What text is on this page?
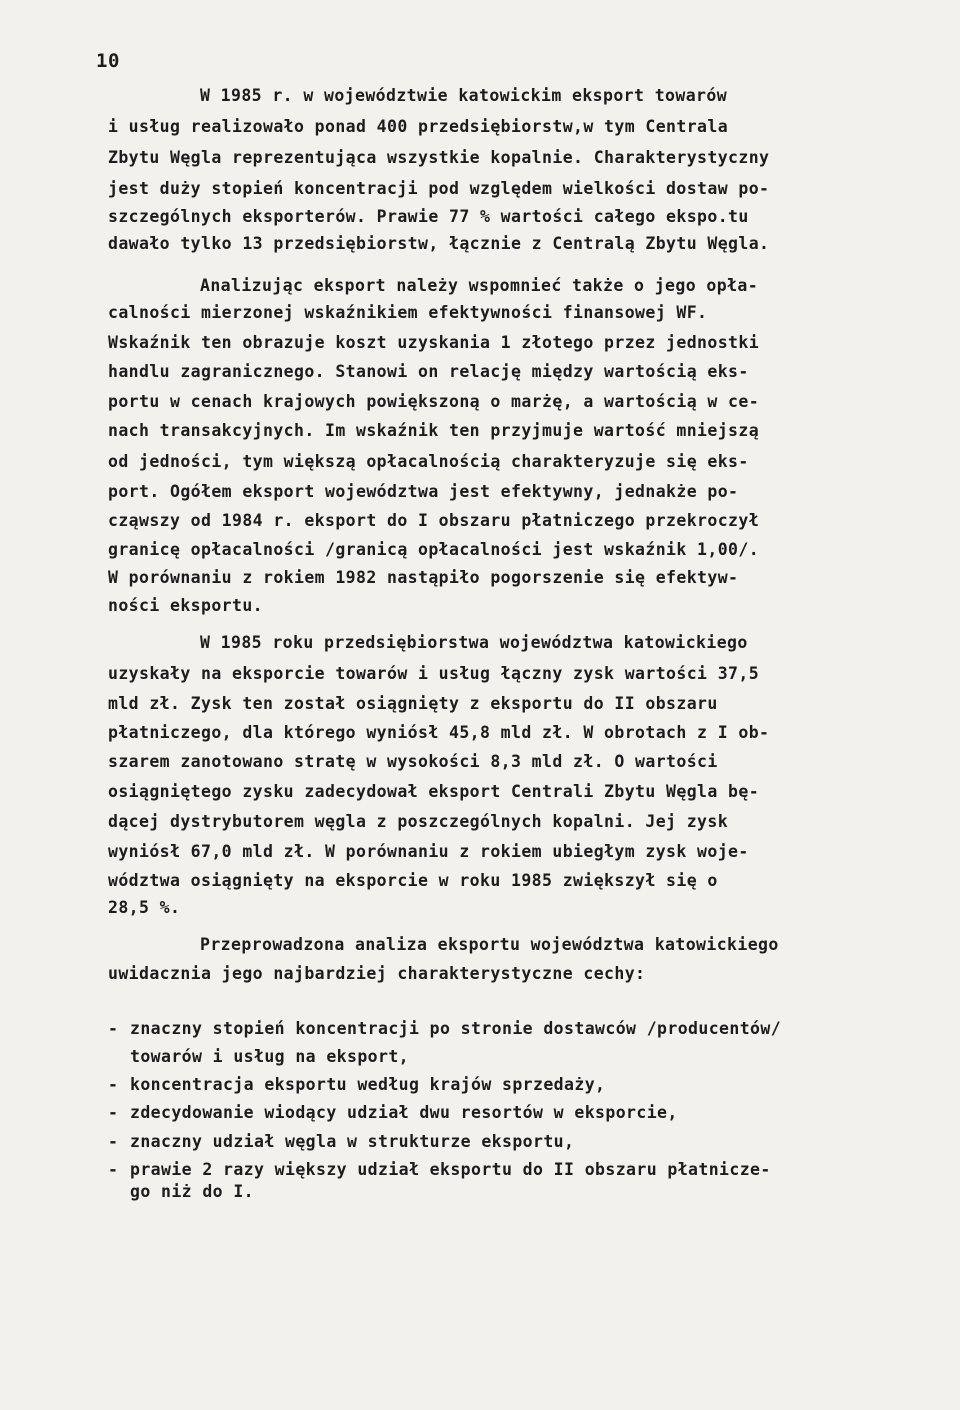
10
W 1985 r. w województwie katowickim eksport towarów
i usług realizowało ponad 400 przedsiębiorstw,w tym Centrala
Zbytu Węgla reprezentująca wszystkie kopalnie. Charakterystyczny
jest duży stopień koncentracji pod względem wielkości dostaw po-
szczególnych eksporterów. Prawie 77 % wartości całego ekspo.tu
dawało tylko 13 przedsiębiorstw, łącznie z Centralą Zbytu Węgla.
Analizując eksport należy wspomnieć także o jego opła-
calności mierzonej wskaźnikiem efektywności finansowej WF.
Wskaźnik ten obrazuje koszt uzyskania 1 złotego przez jednostki
handlu zagranicznego. Stanowi on relację między wartością eks-
portu w cenach krajowych powiększoną o marżę, a wartością w ce-
nach transakcyjnych. Im wskaźnik ten przyjmuje wartość mniejszą
od jedności, tym większą opłacalnością charakteryzuje się eks-
port. Ogółem eksport województwa jest efektywny, jednakże po-
cząwszy od 1984 r. eksport do I obszaru płatniczego przekroczył
granicę opłacalności /granicą opłacalności jest wskaźnik 1,00/.
W porównaniu z rokiem 1982 nastąpiło pogorszenie się efektyw-
ności eksportu.
W 1985 roku przedsiębiorstwa województwa katowickiego
uzyskały na eksporcie towarów i usług łączny zysk wartości 37,5
mld zł. Zysk ten został osiągnięty z eksportu do II obszaru
płatniczego, dla którego wyniósł 45,8 mld zł. W obrotach z I ob-
szarem zanotowano stratę w wysokości 8,3 mld zł. O wartości
osiągniętego zysku zadecydował eksport Centrali Zbytu Węgla bę-
dącej dystrybutorem węgla z poszczególnych kopalni. Jej zysk
wyniósł 67,0 mld zł. W porównaniu z rokiem ubiegłym zysk woje-
wództwa osiągnięty na eksporcie w roku 1985 zwiększył się o
28,5 %.
Przeprowadzona analiza eksportu województwa katowickiego
uwidacznia jego najbardziej charakterystyczne cechy:
- znaczny stopień koncentracji po stronie dostawców /producentów/
towarów i usług na eksport,
- koncentracja eksportu według krajów sprzedaży,
- zdecydowanie wiodący udział dwu resortów w eksporcie,
- znaczny udział węgla w strukturze eksportu,
- prawie 2 razy większy udział eksportu do II obszaru płatnicze-
go niż do I.
